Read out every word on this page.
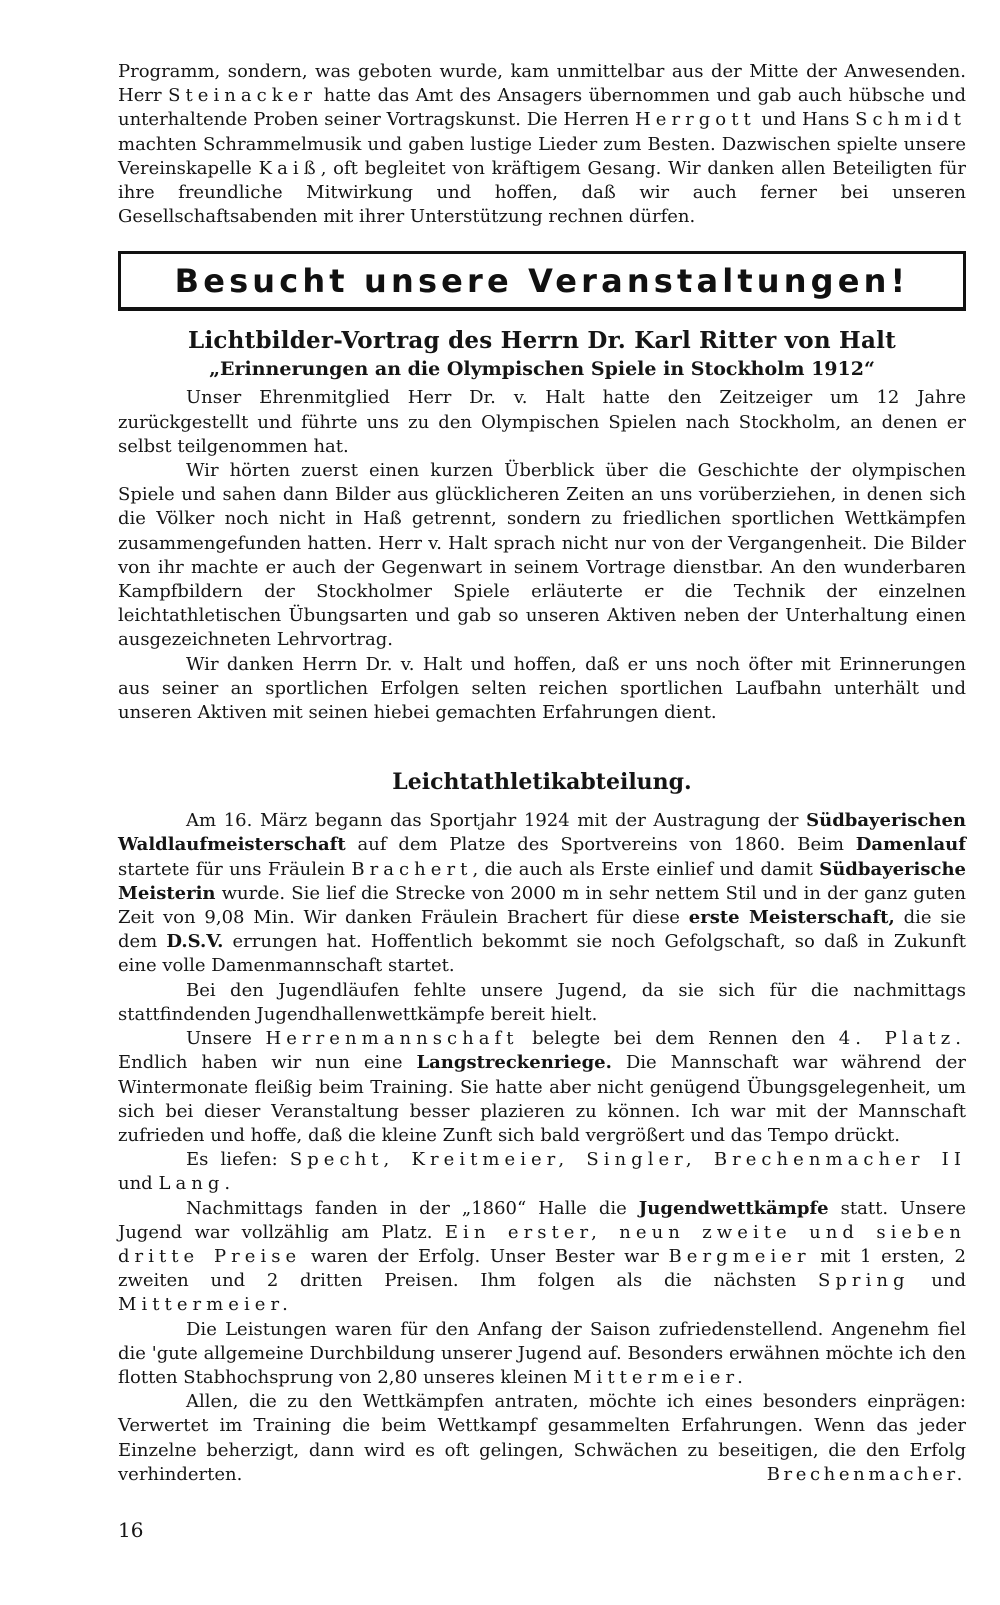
Programm, sondern, was geboten wurde, kam unmittelbar aus der Mitte der Anwesenden. Herr Steinacker hatte das Amt des Ansagers übernommen und gab auch hübsche und unterhaltende Proben seiner Vortragskunst. Die Herren Herrgott und Hans Schmidt machten Schrammelmusik und gaben lustige Lieder zum Besten. Dazwischen spielte unsere Vereinskapelle Kaiß, oft begleitet von kräftigem Gesang. Wir danken allen Beteiligten für ihre freundliche Mitwirkung und hoffen, daß wir auch ferner bei unseren Gesellschaftsabenden mit ihrer Unterstützung rechnen dürfen.

Besucht unsere Veranstaltungen!
Lichtbilder-Vortrag des Herrn Dr. Karl Ritter von Halt
„Erinnerungen an die Olympischen Spiele in Stockholm 1912“

Unser Ehrenmitglied Herr Dr. v. Halt hatte den Zeitzeiger um 12 Jahre zurückgestellt und führte uns zu den Olympischen Spielen nach Stockholm, an denen er selbst teilgenommen hat.

Wir hörten zuerst einen kurzen Überblick über die Geschichte der olympischen Spiele und sahen dann Bilder aus glücklicheren Zeiten an uns vorüberziehen, in denen sich die Völker noch nicht in Haß getrennt, sondern zu friedlichen sportlichen Wettkämpfen zusammengefunden hatten. Herr v. Halt sprach nicht nur von der Vergangenheit. Die Bilder von ihr machte er auch der Gegenwart in seinem Vortrage dienstbar. An den wunderbaren Kampfbildern der Stockholmer Spiele erläuterte er die Technik der einzelnen leichtathletischen Übungsarten und gab so unseren Aktiven neben der Unterhaltung einen ausgezeichneten Lehrvortrag.

Wir danken Herrn Dr. v. Halt und hoffen, daß er uns noch öfter mit Erinnerungen aus seiner an sportlichen Erfolgen selten reichen sportlichen Laufbahn unterhält und unseren Aktiven mit seinen hiebei gemachten Erfahrungen dient.

Leichtathletikabteilung.

Am 16. März begann das Sportjahr 1924 mit der Austragung der Südbayerischen Waldlaufmeisterschaft auf dem Platze des Sportvereins von 1860. Beim Damenlauf startete für uns Fräulein Brachert, die auch als Erste einlief und damit Südbayerische Meisterin wurde. Sie lief die Strecke von 2000 m in sehr nettem Stil und in der ganz guten Zeit von 9,08 Min. Wir danken Fräulein Brachert für diese erste Meisterschaft, die sie dem D.S.V. errungen hat. Hoffentlich bekommt sie noch Gefolgschaft, so daß in Zukunft eine volle Damenmannschaft startet.

Bei den Jugendläufen fehlte unsere Jugend, da sie sich für die nachmittags stattfindenden Jugendhallenwettkämpfe bereit hielt.

Unsere Herrenmannschaft belegte bei dem Rennen den 4. Platz. Endlich haben wir nun eine Langstreckenriege. Die Mannschaft war während der Wintermonate fleißig beim Training. Sie hatte aber nicht genügend Übungsgelegenheit, um sich bei dieser Veranstaltung besser plazieren zu können. Ich war mit der Mannschaft zufrieden und hoffe, daß die kleine Zunft sich bald vergrößert und das Tempo drückt.

Es liefen: Specht, Kreitmeier, Singler, Brechenmacher II und Lang.

Nachmittags fanden in der „1860“ Halle die Jugendwettkämpfe statt. Unsere Jugend war vollzählig am Platz. Ein erster, neun zweite und sieben dritte Preise waren der Erfolg. Unser Bester war Bergmeier mit 1 ersten, 2 zweiten und 2 dritten Preisen. Ihm folgen als die nächsten Spring und Mittermeier.

Die Leistungen waren für den Anfang der Saison zufriedenstellend. Angenehm fiel die 'gute allgemeine Durchbildung unserer Jugend auf. Besonders erwähnen möchte ich den flotten Stabhochsprung von 2,80 unseres kleinen Mittermeier.

Allen, die zu den Wettkämpfen antraten, möchte ich eines besonders einprägen: Verwertet im Training die beim Wettkampf gesammelten Erfahrungen. Wenn das jeder Einzelne beherzigt, dann wird es oft gelingen, Schwächen zu beseitigen, die den Erfolg verhinderten.	Brechenmacher.

16
